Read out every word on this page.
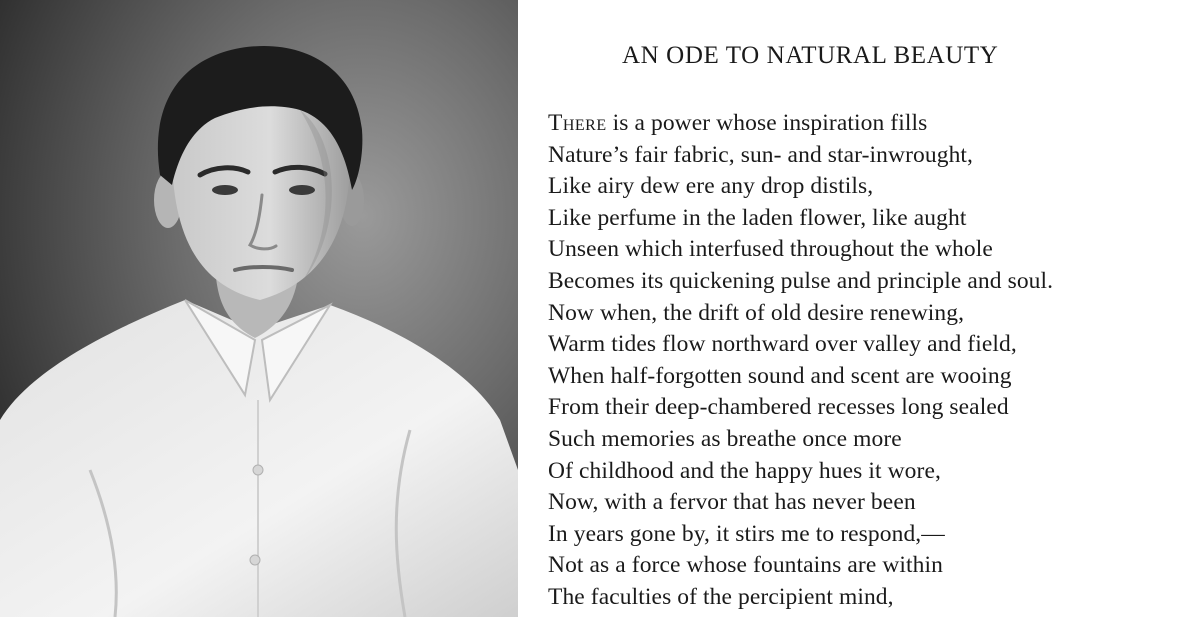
AN ODE TO NATURAL BEAUTY
There is a power whose inspiration fills
Nature’s fair fabric, sun- and star-inwrought,
Like airy dew ere any drop distils,
Like perfume in the laden flower, like aught
Unseen which interfused throughout the whole
Becomes its quickening pulse and principle and soul.
Now when, the drift of old desire renewing,
Warm tides flow northward over valley and field,
When half-forgotten sound and scent are wooing
From their deep-chambered recesses long sealed
Such memories as breathe once more
Of childhood and the happy hues it wore,
Now, with a fervor that has never been
In years gone by, it stirs me to respond,—
Not as a force whose fountains are within
The faculties of the percipient mind,
